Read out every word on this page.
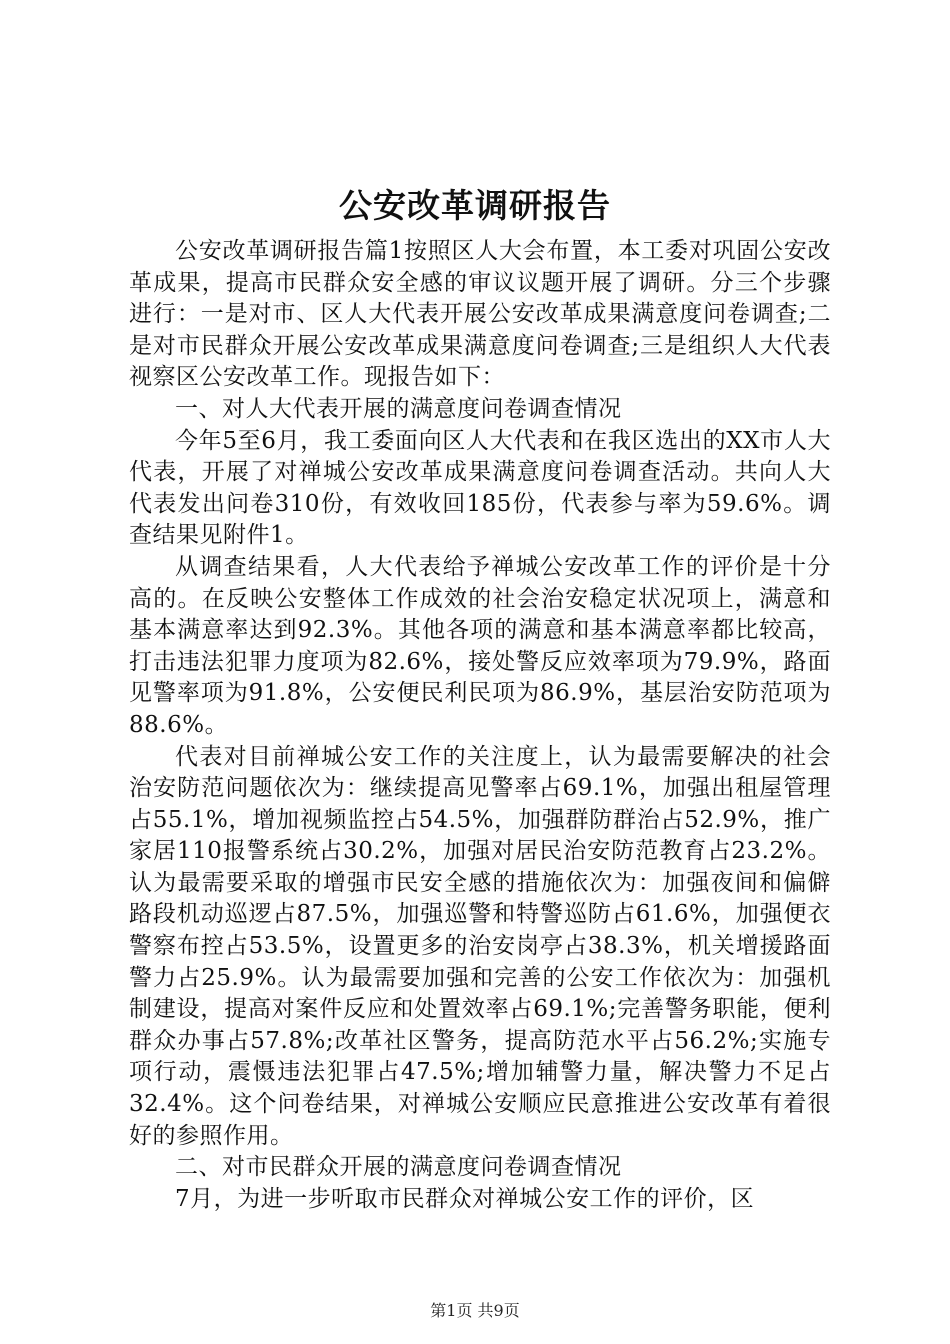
公安改革调研报告

公安改革调研报告篇1按照区人大会布置，本工委对巩固公安改革成果，提高市民群众安全感的审议议题开展了调研。分三个步骤进行：一是对市、区人大代表开展公安改革成果满意度问卷调查;二是对市民群众开展公安改革成果满意度问卷调查;三是组织人大代表视察区公安改革工作。现报告如下：

一、对人大代表开展的满意度问卷调查情况

今年5至6月，我工委面向区人大代表和在我区选出的XX市人大代表，开展了对禅城公安改革成果满意度问卷调查活动。共向人大代表发出问卷310份，有效收回185份，代表参与率为59.6%。调查结果见附件1。

从调查结果看，人大代表给予禅城公安改革工作的评价是十分高的。在反映公安整体工作成效的社会治安稳定状况项上，满意和基本满意率达到92.3%。其他各项的满意和基本满意率都比较高，打击违法犯罪力度项为82.6%，接处警反应效率项为79.9%，路面见警率项为91.8%，公安便民利民项为86.9%，基层治安防范项为88.6%。

代表对目前禅城公安工作的关注度上，认为最需要解决的社会治安防范问题依次为：继续提高见警率占69.1%，加强出租屋管理占55.1%，增加视频监控占54.5%，加强群防群治占52.9%，推广家居110报警系统占30.2%，加强对居民治安防范教育占23.2%。认为最需要采取的增强市民安全感的措施依次为：加强夜间和偏僻路段机动巡逻占87.5%，加强巡警和特警巡防占61.6%，加强便衣警察布控占53.5%，设置更多的治安岗亭占38.3%，机关增援路面警力占25.9%。认为最需要加强和完善的公安工作依次为：加强机制建设，提高对案件反应和处置效率占69.1%;完善警务职能，便利群众办事占57.8%;改革社区警务，提高防范水平占56.2%;实施专项行动，震慑违法犯罪占47.5%;增加辅警力量，解决警力不足占32.4%。这个问卷结果，对禅城公安顺应民意推进公安改革有着很好的参照作用。

二、对市民群众开展的满意度问卷调查情况

7月，为进一步听取市民群众对禅城公安工作的评价，区

第1页 共9页
